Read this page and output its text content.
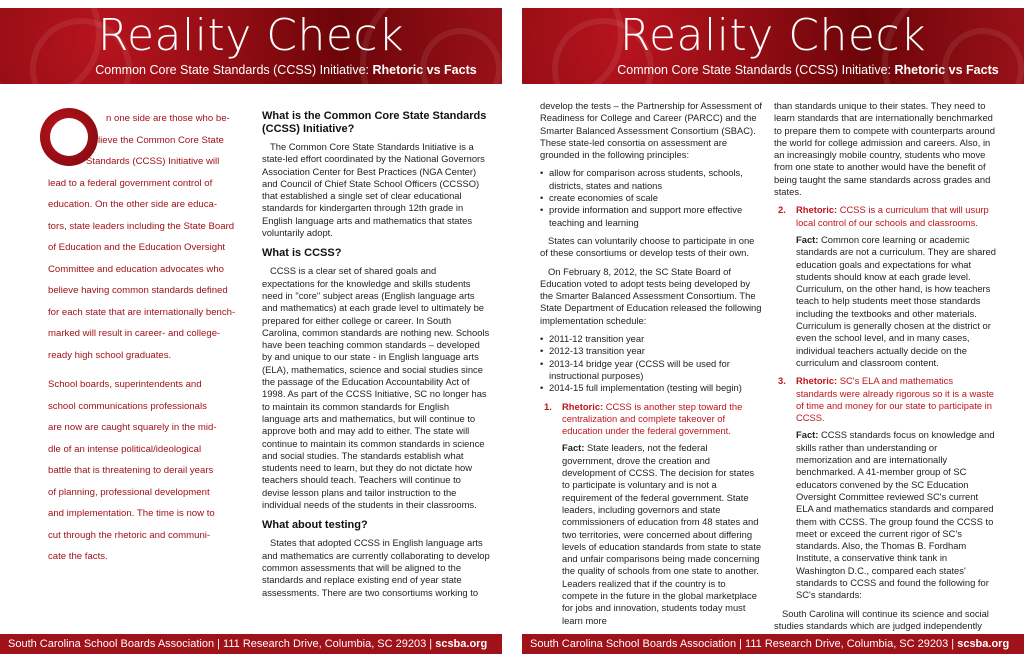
Reality Check
Common Core State Standards (CCSS) Initiative: Rhetoric vs Facts

n one side are those who be-
lieve the Common Core State
Standards (CCSS) Initiative will
lead to a federal government control of
education. On the other side are educa-
tors, state leaders including the State Board
of Education and the Education Oversight
Committee and education advocates who
believe having common standards defined
for each state that are internationally bench-
marked will result in career- and college-
ready high school graduates.

School boards, superintendents and
school communications professionals
are now are caught squarely in the mid-
dle of an intense political/ideological
battle that is threatening to derail years
of planning, professional development
and implementation. The time is now to
cut through the rhetoric and communi-
cate the facts.

What is the Common Core State Standards (CCSS) Initiative?

The Common Core State Standards Initiative is a state-led effort coordinated by the National Governors Association Center for Best Practices (NGA Center) and Council of Chief State School Officers (CCSSO) that established a single set of clear educational standards for kindergarten through 12th grade in English language arts and mathematics that states voluntarily adopt.

What is CCSS?

CCSS is a clear set of shared goals and expectations for the knowledge and skills students need in "core" subject areas (English language arts and mathematics) at each grade level to ultimately be prepared for either college or career. In South Carolina, common standards are nothing new. Schools have been teaching common standards – developed by and unique to our state - in English language arts (ELA), mathematics, science and social studies since the passage of the Education Accountability Act of 1998. As part of the CCSS Initiative, SC no longer has to maintain its common standards for English language arts and mathematics, but will continue to approve both and may add to either. The state will continue to maintain its common standards in science and social studies. The standards establish what students need to learn, but they do not dictate how teachers should teach. Teachers will continue to devise lesson plans and tailor instruction to the individual needs of the students in their classrooms.

What about testing?

States that adopted CCSS in English language arts and mathematics are currently collaborating to develop common assessments that will be aligned to the standards and replace existing end of year state assessments. There are two consortiums working to

South Carolina School Boards Association | 111 Research Drive, Columbia, SC 29203 | scsba.org
Reality Check
Common Core State Standards (CCSS) Initiative: Rhetoric vs Facts

develop the tests – the Partnership for Assessment of Readiness for College and Career (PARCC) and the Smarter Balanced Assessment Consortium (SBAC). These state-led consortia on assessment are grounded in the following principles:

• allow for comparison across students, schools, districts, states and nations
• create economies of scale
• provide information and support more effective teaching and learning

States can voluntarily choose to participate in one of these consortiums or develop tests of their own.

On February 8, 2012, the SC State Board of Education voted to adopt tests being developed by the Smarter Balanced Assessment Consortium. The State Department of Education released the following implementation schedule:

• 2011-12 transition year
• 2012-13 transition year
• 2013-14 bridge year (CCSS will be used for instructional purposes)
• 2014-15 full implementation (testing will begin)
1. Rhetoric: CCSS is another step toward the centralization and complete takeover of education under the federal government.
Fact: State leaders, not the federal government, drove the creation and development of CCSS. The decision for states to participate is voluntary and is not a requirement of the federal government. State leaders, including governors and state commissioners of education from 48 states and two territories, were concerned about differing levels of education standards from state to state and unfair comparisons being made concerning the quality of schools from one state to another. Leaders realized that if the country is to compete in the future in the global marketplace for jobs and innovation, students today must learn more

than standards unique to their states. They need to learn standards that are internationally benchmarked to prepare them to compete with counterparts around the world for college admission and careers. Also, in an increasingly mobile country, students who move from one state to another would have the benefit of being taught the same standards across grades and states.

2. Rhetoric: CCSS is a curriculum that will usurp local control of our schools and classrooms.
Fact: Common core learning or academic standards are not a curriculum. They are shared education goals and expectations for what students should know at each grade level. Curriculum, on the other hand, is how teachers teach to help students meet those standards including the textbooks and other materials. Curriculum is generally chosen at the district or even the school level, and in many cases, individual teachers actually decide on the curriculum and classroom content.
3. Rhetoric: SC's ELA and mathematics standards were already rigorous so it is a waste of time and money for our state to participate in CCSS.
Fact: CCSS standards focus on knowledge and skills rather than understanding or memorization and are internationally benchmarked. A 41-member group of SC educators convened by the SC Education Oversight Committee reviewed SC's current ELA and mathematics standards and compared them with CCSS. The group found the CCSS to meet or exceed the current rigor of SC's standards. Also, the Thomas B. Fordham Institute, a conservative think tank in Washington D.C., compared each states' standards to CCSS and found the following for SC's standards:

South Carolina will continue its science and social studies standards which are judged independently

South Carolina School Boards Association | 111 Research Drive, Columbia, SC 29203 | scsba.org
